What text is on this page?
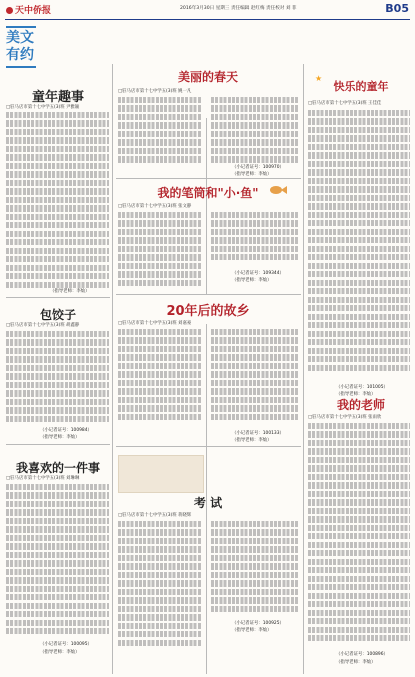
天中侨报	2016年3月30日 星期三 责任编辑 赵红梅 责任校对 刘 菲	B05
美文
有约
童年趣事
□驻马店市第十七中学五(3)班 尹雅颖
（指导老师：李灿）
包饺子
□驻马店市第十七中学五(3)班 胡鑫静
（小记者证号：100984）
（指导老师：李灿）
我喜欢的一件事
□驻马店市第十七中学五(3)班 刘琳琳
（小记者证号：100095）
（指导老师：李灿）
美丽的春天
□驻马店市第十七中学五(3)班 姚一凡
（小记者证号：100970）
（指导老师：李灿）
我的笔筒和"小·鱼"
□驻马店市第十七中学五(3)班 张文静
（小记者证号：109344）
（指导老师：李灿）
20年后的故乡
□驻马店市第十七中学五(3)班 刘嘉豪
（小记者证号：100133）
（指导老师：李灿）
考 试
□驻马店市第十七中学五(3)班 蒋晓辉
（小记者证号：100925）
（指导老师：李灿）
★
快乐的童年
□驻马店市第十七中学五(3)班 王佳佳
（小记者证号：101005）
（指导老师：李灿）
我的老师
□驻马店市第十七中学五(3)班 张雨欣
（小记者证号：100896）
（指导老师：李灿）
